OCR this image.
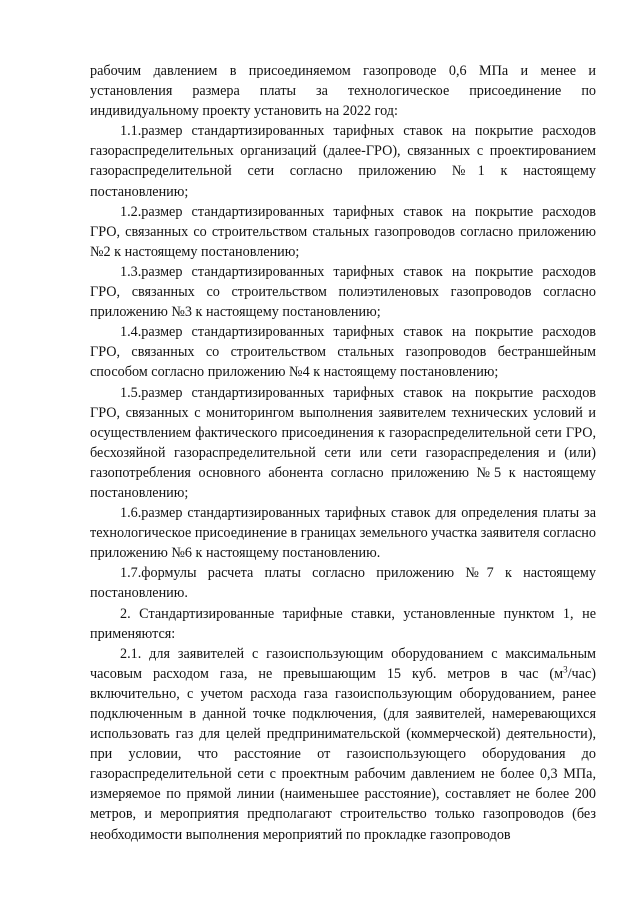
рабочим давлением в присоединяемом газопроводе 0,6 МПа и менее и установления размера платы за технологическое присоединение по индивидуальному проекту установить на 2022 год:

1.1.размер стандартизированных тарифных ставок на покрытие расходов газораспределительных организаций (далее-ГРО), связанных с проектированием газораспределительной сети согласно приложению №1 к настоящему постановлению;

1.2.размер стандартизированных тарифных ставок на покрытие расходов ГРО, связанных со строительством стальных газопроводов согласно приложению №2 к настоящему постановлению;

1.3.размер стандартизированных тарифных ставок на покрытие расходов ГРО, связанных со строительством полиэтиленовых газопроводов согласно приложению №3 к настоящему постановлению;

1.4.размер стандартизированных тарифных ставок на покрытие расходов ГРО, связанных со строительством стальных газопроводов бестраншейным способом согласно приложению №4 к настоящему постановлению;

1.5.размер стандартизированных тарифных ставок на покрытие расходов ГРО, связанных с мониторингом выполнения заявителем технических условий и осуществлением фактического присоединения к газораспределительной сети ГРО, бесхозяйной газораспределительной сети или сети газораспределения и (или) газопотребления основного абонента согласно приложению №5 к настоящему постановлению;

1.6.размер стандартизированных тарифных ставок для определения платы за технологическое присоединение в границах земельного участка заявителя согласно приложению №6 к настоящему постановлению.

1.7.формулы расчета платы согласно приложению №7 к настоящему постановлению.

2. Стандартизированные тарифные ставки, установленные пунктом 1, не применяются:

2.1. для заявителей с газоиспользующим оборудованием с максимальным часовым расходом газа, не превышающим 15 куб. метров в час $(м^3/час)$ включительно, с учетом расхода газа газоиспользующим оборудованием, ранее подключенным в данной точке подключения, (для заявителей, намеревающихся использовать газ для целей предпринимательской (коммерческой) деятельности), при условии, что расстояние от газоиспользующего оборудования до газораспределительной сети с проектным рабочим давлением не более 0,3 МПа, измеряемое по прямой линии (наименьшее расстояние), составляет не более 200 метров, и мероприятия предполагают строительство только газопроводов (без необходимости выполнения мероприятий по прокладке газопроводов
